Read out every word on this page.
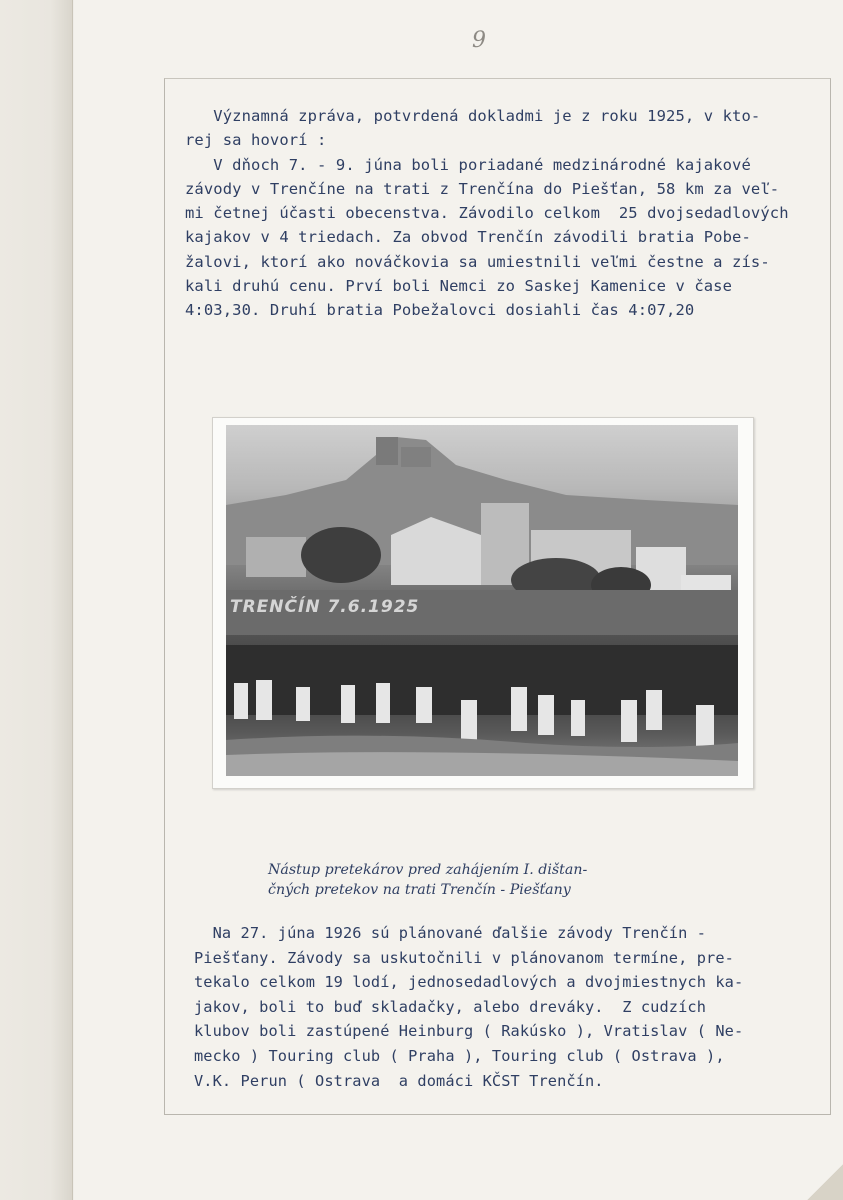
9

Významná zpráva, potvrdená dokladmi je z roku 1925, v kto-
rej sa hovorí :
V dňoch 7. - 9. júna boli poriadané medzinárodné kajakové
závody v Trenčíne na trati z Trenčína do Piešťan, 58 km za veľ-
mi četnej účasti obecenstva. Závodilo celkom  25 dvojsedadlových
kajakov v 4 triedach. Za obvod Trenčín závodili bratia Pobe-
žalovi, ktorí ako nováčkovia sa umiestnili veľmi čestne a zís-
kali druhú cenu. Prví boli Nemci zo Saskej Kamenice v čase
4:03,30. Druhí bratia Pobežalovci dosiahli čas 4:07,20

TRENČÍN 7.6.1925
Nástup pretekárov pred zahájením I. dištan-
čných pretekov na trati Trenčín - Piešťany

Na 27. júna 1926 sú plánované ďalšie závody Trenčín -
Piešťany. Závody sa uskutočnili v plánovanom termíne, pre-
tekalo celkom 19 lodí, jednosedadlových a dvojmiestnych ka-
jakov, boli to buď skladačky, alebo dreváky.  Z cudzích
klubov boli zastúpené Heinburg ( Rakúsko ), Vratislav ( Ne-
mecko ) Touring club ( Praha ), Touring club ( Ostrava ),
V.K. Perun ( Ostrava  a domáci KČST Trenčín.
